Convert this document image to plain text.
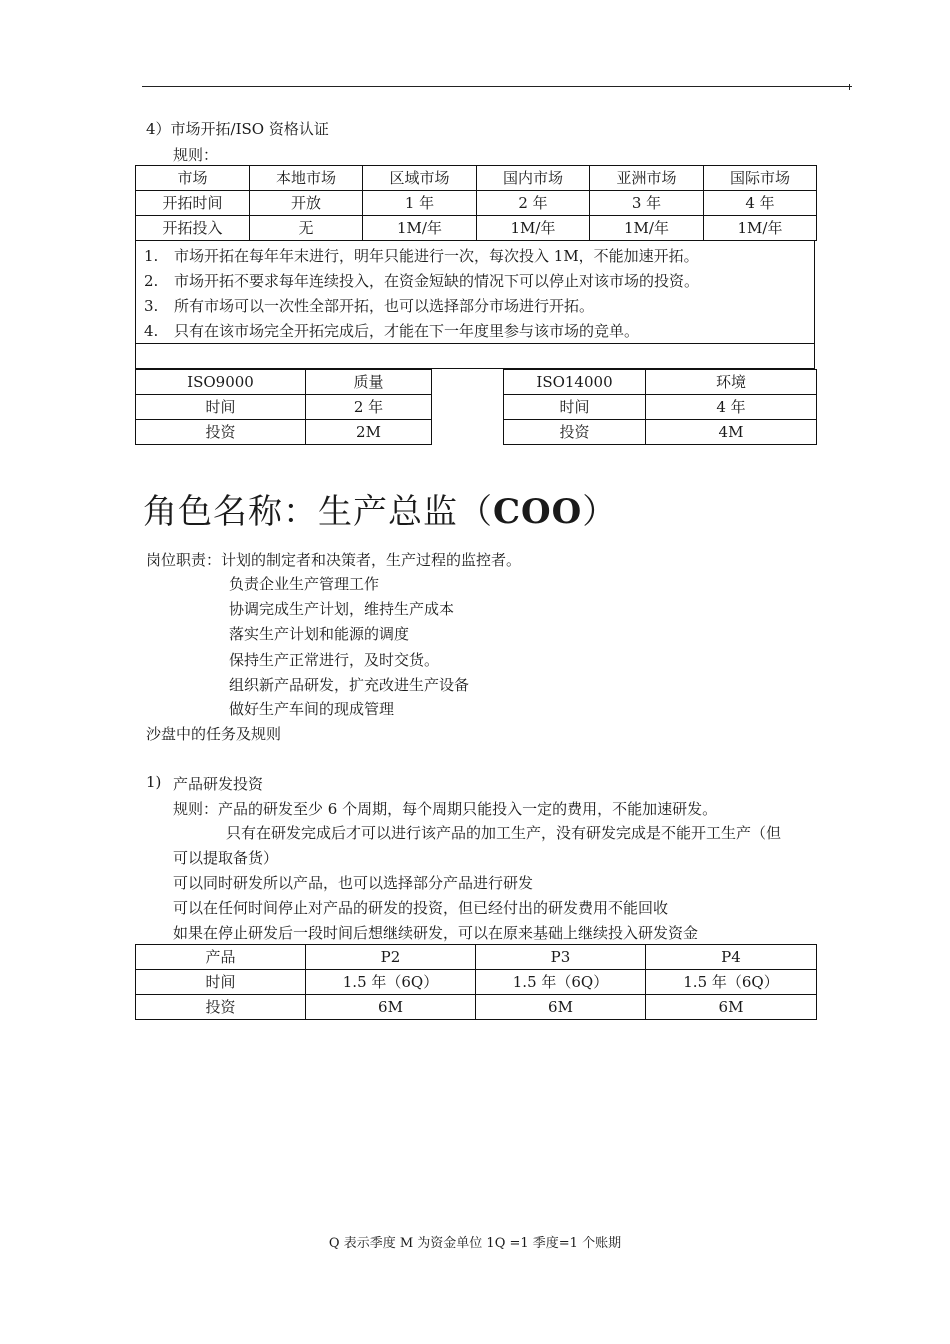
4）市场开拓/ISO 资格认证
规则：
市场	本地市场	区域市场	国内市场	亚洲市场	国际市场
开拓时间	开放	1 年	2 年	3 年	4 年
开拓投入	无	1M/年	1M/年	1M/年	1M/年
1. 市场开拓在每年年末进行，明年只能进行一次，每次投入 1M，不能加速开拓。
2. 市场开拓不要求每年连续投入，在资金短缺的情况下可以停止对该市场的投资。
3. 所有市场可以一次性全部开拓，也可以选择部分市场进行开拓。
4. 只有在该市场完全开拓完成后，才能在下一年度里参与该市场的竞单。
ISO9000	质量
时间	2 年
投资	2M
ISO14000	环境
时间	4 年
投资	4M
角色名称：生产总监（COO）
岗位职责：计划的制定者和决策者，生产过程的监控者。
负责企业生产管理工作
协调完成生产计划，维持生产成本
落实生产计划和能源的调度
保持生产正常进行，及时交货。
组织新产品研发，扩充改进生产设备
做好生产车间的现成管理
沙盘中的任务及规则
1) 产品研发投资
规则：产品的研发至少 6 个周期，每个周期只能投入一定的费用，不能加速研发。
只有在研发完成后才可以进行该产品的加工生产，没有研发完成是不能开工生产（但
可以提取备货）
可以同时研发所以产品，也可以选择部分产品进行研发
可以在任何时间停止对产品的研发的投资，但已经付出的研发费用不能回收
如果在停止研发后一段时间后想继续研发，可以在原来基础上继续投入研发资金
产品	P2	P3	P4
时间	1.5 年（6Q）	1.5 年（6Q）	1.5 年（6Q）
投资	6M	6M	6M
Q 表示季度 M 为资金单位 1Q =1 季度=1 个账期
